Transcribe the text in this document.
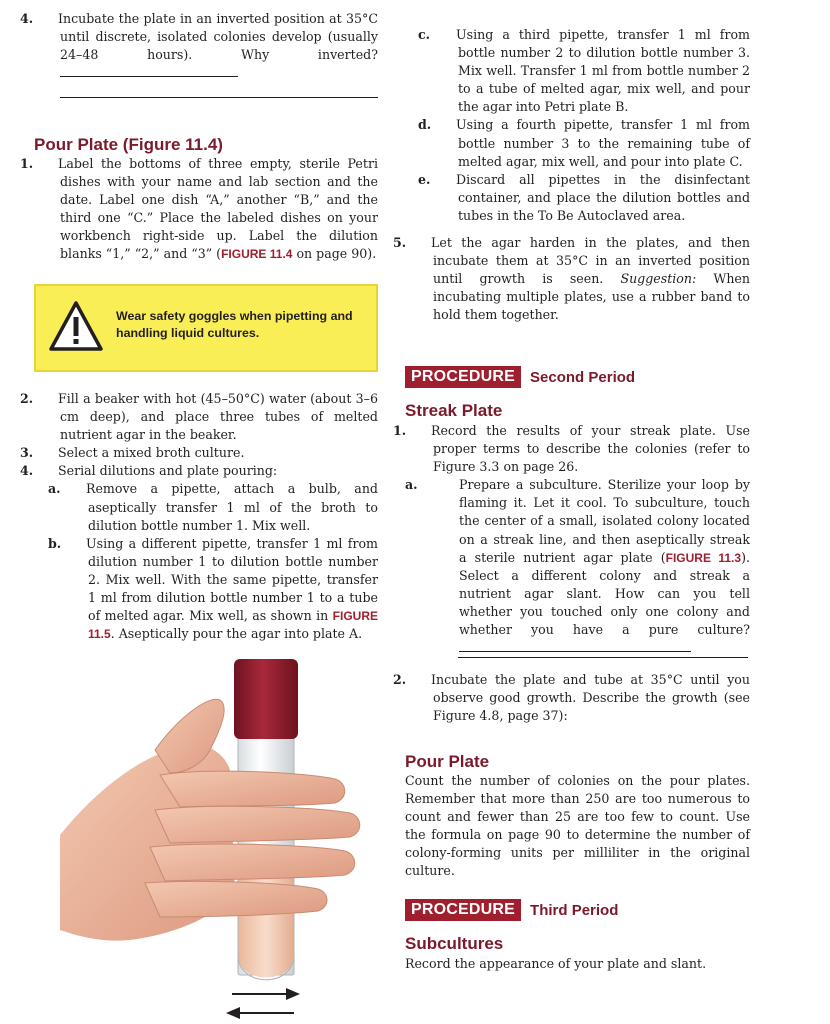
4. Incubate the plate in an inverted position at 35°C until discrete, isolated colonies develop (usually 24–48 hours). Why inverted?
Pour Plate (Figure 11.4)
1. Label the bottoms of three empty, sterile Petri dishes with your name and lab section and the date. Label one dish “A,” another “B,” and the third one “C.” Place the labeled dishes on your workbench right-side up. Label the dilution blanks “1,” “2,” and “3” (FIGURE 11.4 on page 90).
Wear safety goggles when pipetting and handling liquid cultures.
2. Fill a beaker with hot (45–50°C) water (about 3–6 cm deep), and place three tubes of melted nutrient agar in the beaker.
3. Select a mixed broth culture.
4. Serial dilutions and plate pouring:
a. Remove a pipette, attach a bulb, and aseptically transfer 1 ml of the broth to dilution bottle number 1. Mix well.
b. Using a different pipette, transfer 1 ml from dilution number 1 to dilution bottle number 2. Mix well. With the same pipette, transfer 1 ml from dilution bottle number 1 to a tube of melted agar. Mix well, as shown in FIGURE 11.5. Aseptically pour the agar into plate A.
c. Using a third pipette, transfer 1 ml from bottle number 2 to dilution bottle number 3. Mix well. Transfer 1 ml from bottle number 2 to a tube of melted agar, mix well, and pour the agar into Petri plate B.
d. Using a fourth pipette, transfer 1 ml from bottle number 3 to the remaining tube of melted agar, mix well, and pour into plate C.
e. Discard all pipettes in the disinfectant container, and place the dilution bottles and tubes in the To Be Autoclaved area.
5. Let the agar harden in the plates, and then incubate them at 35°C in an inverted position until growth is seen. Suggestion: When incubating multiple plates, use a rubber band to hold them together.
PROCEDURE	Second Period
Streak Plate
1. Record the results of your streak plate. Use proper terms to describe the colonies (refer to Figure 3.3 on page 26.
a.	Prepare a subculture. Sterilize your loop by flaming it. Let it cool. To subculture, touch the center of a small, isolated colony located on a streak line, and then aseptically streak a sterile nutrient agar plate (FIGURE 11.3). Select a different colony and streak a nutrient agar slant. How can you tell whether you touched only one colony and whether you have a pure culture?
2. Incubate the plate and tube at 35°C until you observe good growth. Describe the growth (see Figure 4.8, page 37):
Pour Plate
Count the number of colonies on the pour plates. Remember that more than 250 are too numerous to count and fewer than 25 are too few to count. Use the formula on page 90 to determine the number of colony-forming units per milliliter in the original culture.
PROCEDURE	Third Period
Subcultures
Record the appearance of your plate and slant.
